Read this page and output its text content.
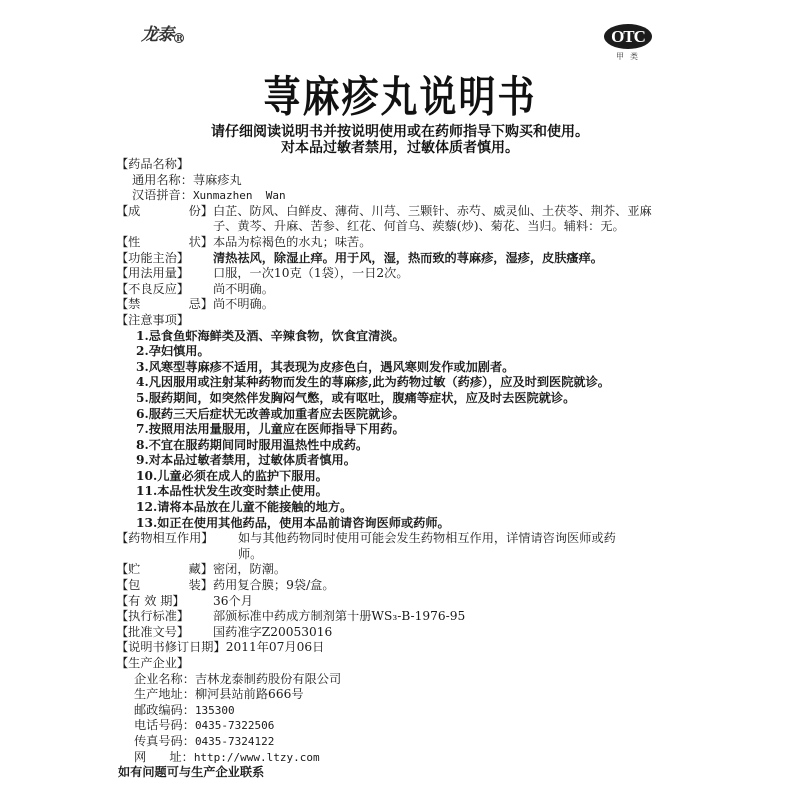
龙泰 R	OTC
甲类
荨麻疹丸说明书
请仔细阅读说明书并按说明使用或在药师指导下购买和使用。
对本品过敏者禁用，过敏体质者慎用。
【药品名称】
通用名称： 荨麻疹丸
汉语拼音： Xunmazhen  Wan
【成	份】 白芷、防风、白鲜皮、薄荷、川芎、三颗针、赤芍、威灵仙、土茯苓、荆芥、亚麻子、黄芩、升麻、苦参、红花、何首乌、蒺藜(炒)、菊花、当归。辅料：无。
【性	状】 本品为棕褐色的水丸；味苦。
【功能主治】	清热祛风，除湿止痒。用于风，湿，热而致的荨麻疹，湿疹，皮肤瘙痒。
【用法用量】	口服，一次10克（1袋），一日2次。
【不良反应】	尚不明确。
【禁	忌】 尚不明确。
【注意事项】
1.忌食鱼虾海鲜类及酒、辛辣食物，饮食宜清淡。
2.孕妇慎用。
3.风寒型荨麻疹不适用，其表现为皮疹色白，遇风寒则发作或加剧者。
4.凡因服用或注射某种药物而发生的荨麻疹,此为药物过敏（药疹），应及时到医院就诊。
5.服药期间，如突然伴发胸闷气憋，或有呕吐，腹痛等症状，应及时去医院就诊。
6.服药三天后症状无改善或加重者应去医院就诊。
7.按照用法用量服用，儿童应在医师指导下用药。
8.不宜在服药期间同时服用温热性中成药。
9.对本品过敏者禁用，过敏体质者慎用。
10.儿童必须在成人的监护下服用。
11.本品性状发生改变时禁止使用。
12.请将本品放在儿童不能接触的地方。
13.如正在使用其他药品，使用本品前请咨询医师或药师。
【药物相互作用】	如与其他药物同时使用可能会发生药物相互作用，详情请咨询医师或药师。
【贮	藏】 密闭，防潮。
【包	装】 药用复合膜；9袋/盒。
【有 效 期】	36个月
【执行标准】	部颁标准中药成方制剂第十册WS₃-B-1976-95
【批准文号】	国药准字Z20053016
【说明书修订日期】 2011年07月06日
【生产企业】
企业名称： 吉林龙泰制药股份有限公司
生产地址： 柳河县站前路666号
邮政编码： 135300
电话号码： 0435-7322506
传真号码： 0435-7324122
网      址： http://www.ltzy.com
如有问题可与生产企业联系
